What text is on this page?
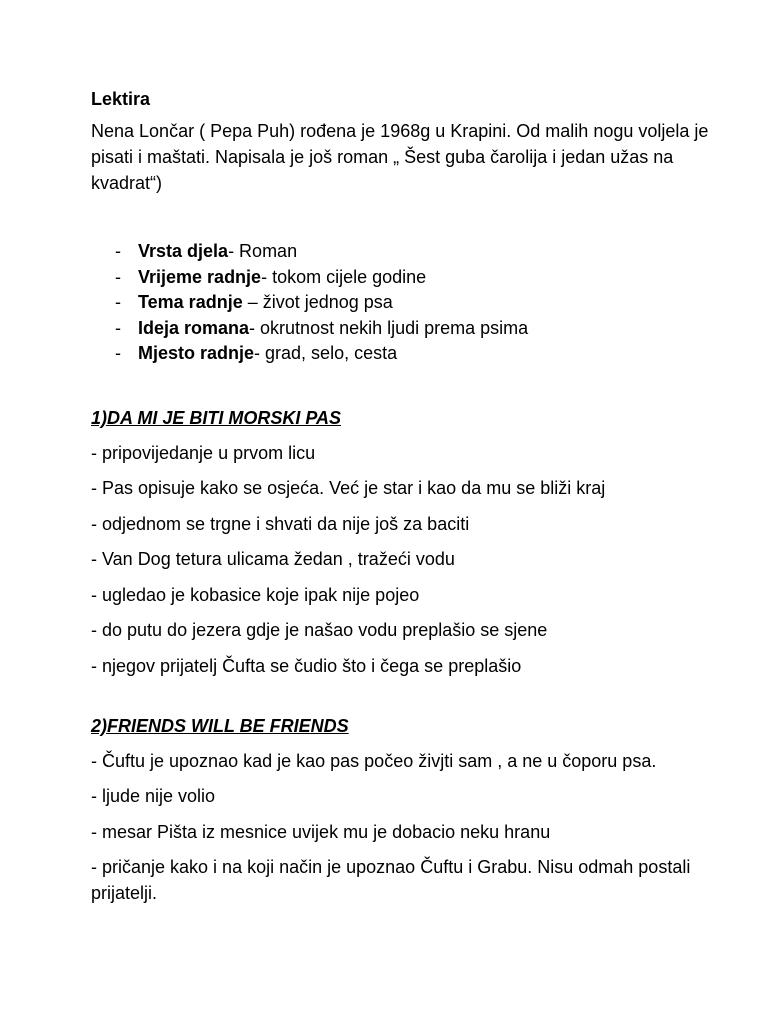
Lektira

Nena Lončar ( Pepa Puh) rođena je 1968g u Krapini. Od malih nogu voljela je pisati i maštati. Napisala je još roman „ Šest guba čarolija i jedan užas na kvadrat“)

- Vrsta djela- Roman
- Vrijeme radnje- tokom cijele godine
- Tema radnje – život jednog psa
- Ideja romana- okrutnost nekih ljudi prema psima
- Mjesto radnje- grad, selo, cesta

1)DA MI JE BITI MORSKI PAS

- pripovijedanje u prvom licu

- Pas opisuje kako se osjeća. Već je star i kao da mu se bliži kraj

- odjednom se trgne i shvati da nije još za baciti

- Van Dog tetura ulicama žedan , tražeći vodu

- ugledao je kobasice koje ipak nije pojeo

- do putu do jezera gdje je našao vodu preplašio se sjene

- njegov prijatelj Čufta se čudio što i čega se preplašio

2)FRIENDS WILL BE FRIENDS

- Čuftu je upoznao kad je kao pas počeo živjti sam , a ne u čoporu psa.

- ljude nije volio

- mesar Pišta iz mesnice uvijek mu je dobacio neku hranu

- pričanje kako i na koji način je upoznao Čuftu i Grabu. Nisu odmah postali prijatelji.
